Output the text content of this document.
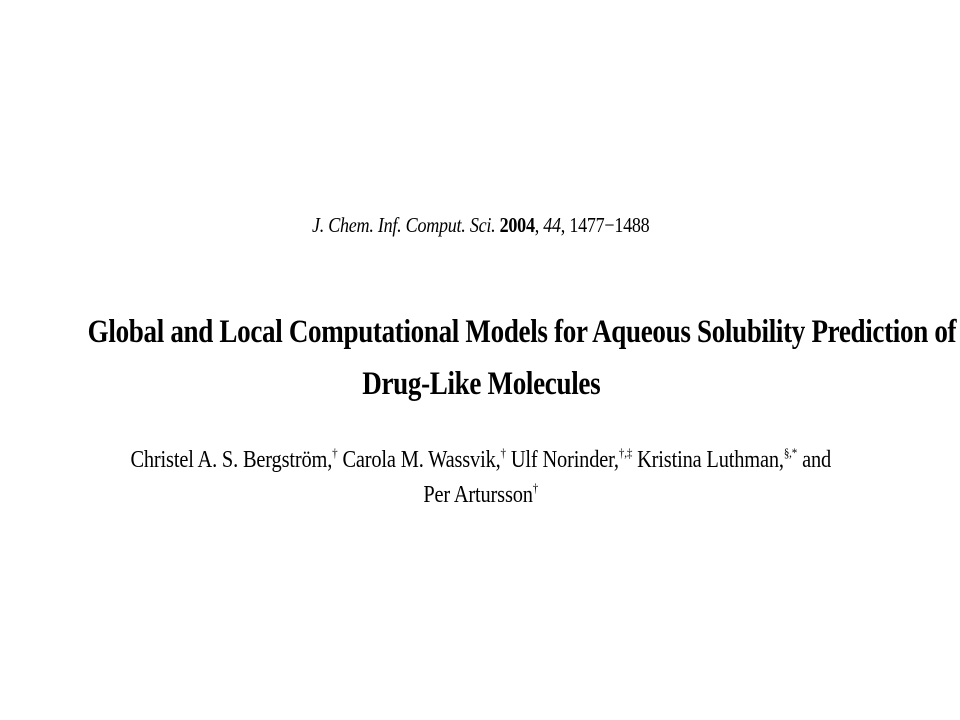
J. Chem. Inf. Comput. Sci. 2004, 44, 1477−1488
Global and Local Computational Models for Aqueous Solubility Prediction of
Drug-Like Molecules
Christel A. S. Bergström,† Carola M. Wassvik,† Ulf Norinder,†,‡ Kristina Luthman,§,* and
Per Artursson†
